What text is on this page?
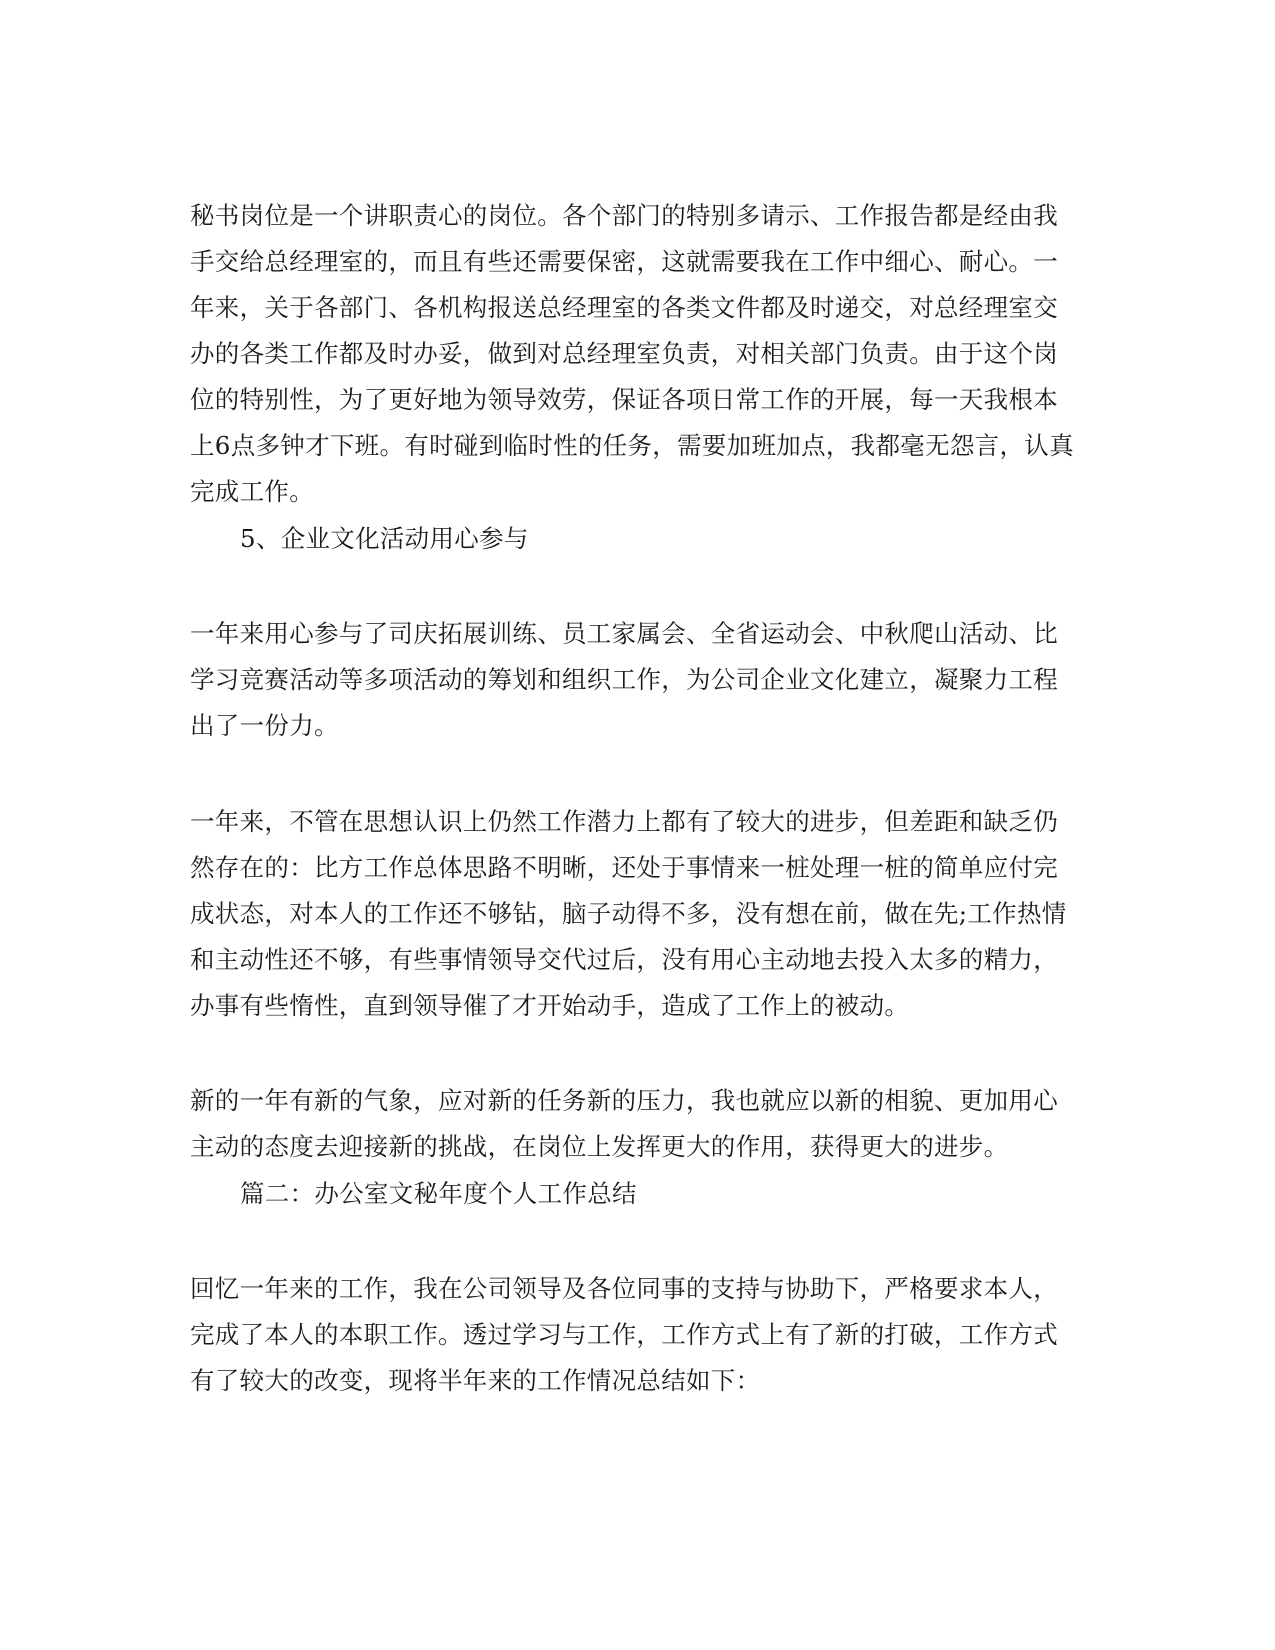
秘书岗位是一个讲职责心的岗位。各个部门的特别多请示、工作报告都是经由我
手交给总经理室的，而且有些还需要保密，这就需要我在工作中细心、耐心。一
年来，关于各部门、各机构报送总经理室的各类文件都及时递交，对总经理室交
办的各类工作都及时办妥，做到对总经理室负责，对相关部门负责。由于这个岗
位的特别性，为了更好地为领导效劳，保证各项日常工作的开展，每一天我根本
上6点多钟才下班。有时碰到临时性的任务，需要加班加点，我都毫无怨言，认真
完成工作。
5、企业文化活动用心参与
一年来用心参与了司庆拓展训练、员工家属会、全省运动会、中秋爬山活动、比
学习竞赛活动等多项活动的筹划和组织工作，为公司企业文化建立，凝聚力工程
出了一份力。
一年来，不管在思想认识上仍然工作潜力上都有了较大的进步，但差距和缺乏仍
然存在的：比方工作总体思路不明晰，还处于事情来一桩处理一桩的简单应付完
成状态，对本人的工作还不够钻，脑子动得不多，没有想在前，做在先;工作热情
和主动性还不够，有些事情领导交代过后，没有用心主动地去投入太多的精力，
办事有些惰性，直到领导催了才开始动手，造成了工作上的被动。
新的一年有新的气象，应对新的任务新的压力，我也就应以新的相貌、更加用心
主动的态度去迎接新的挑战，在岗位上发挥更大的作用，获得更大的进步。
篇二：办公室文秘年度个人工作总结
回忆一年来的工作，我在公司领导及各位同事的支持与协助下，严格要求本人，
完成了本人的本职工作。透过学习与工作，工作方式上有了新的打破，工作方式
有了较大的改变，现将半年来的工作情况总结如下：
